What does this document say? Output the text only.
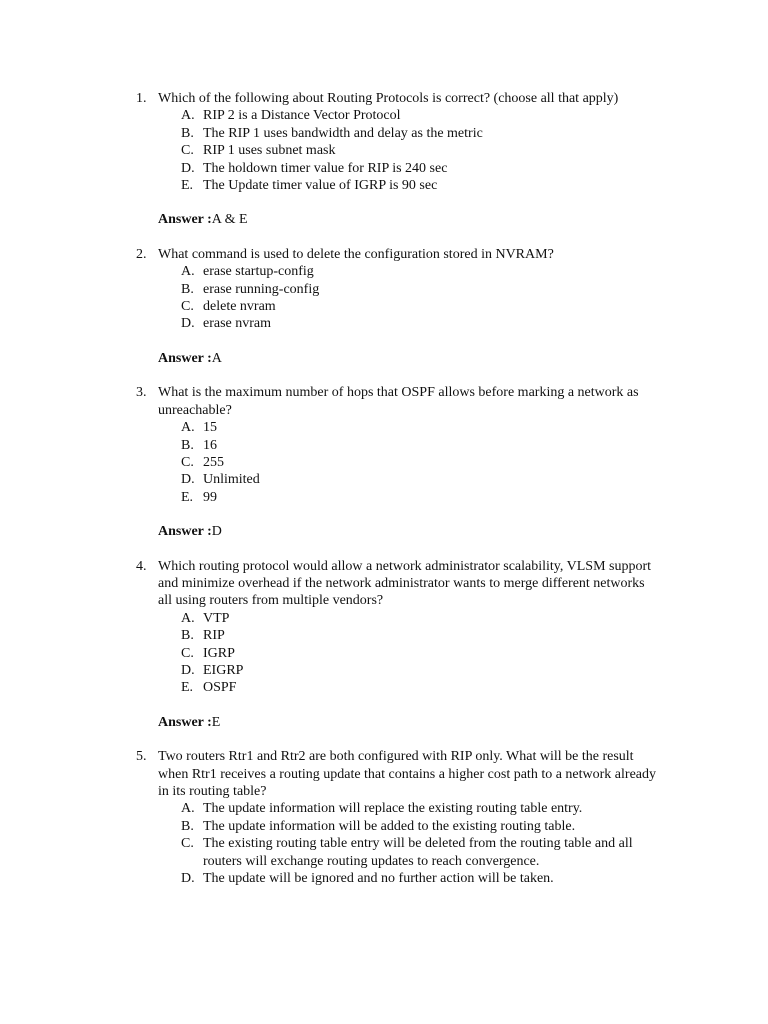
1. Which of the following about Routing Protocols is correct? (choose all that apply)
A. RIP 2 is a Distance Vector Protocol
B. The RIP 1 uses bandwidth and delay as the metric
C. RIP 1 uses subnet mask
D. The holdown timer value for RIP is 240 sec
E. The Update timer value of IGRP is 90 sec
Answer :A & E
2. What command is used to delete the configuration stored in NVRAM?
A. erase startup-config
B. erase running-config
C. delete nvram
D. erase nvram
Answer :A
3. What is the maximum number of hops that OSPF allows before marking a network as unreachable?
A. 15
B. 16
C. 255
D. Unlimited
E. 99
Answer :D
4. Which routing protocol would allow a network administrator scalability, VLSM support and minimize overhead if the network administrator wants to merge different networks all using routers from multiple vendors?
A. VTP
B. RIP
C. IGRP
D. EIGRP
E. OSPF
Answer :E
5. Two routers Rtr1 and Rtr2 are both configured with RIP only. What will be the result when Rtr1 receives a routing update that contains a higher cost path to a network already in its routing table?
A. The update information will replace the existing routing table entry.
B. The update information will be added to the existing routing table.
C. The existing routing table entry will be deleted from the routing table and all routers will exchange routing updates to reach convergence.
D. The update will be ignored and no further action will be taken.
